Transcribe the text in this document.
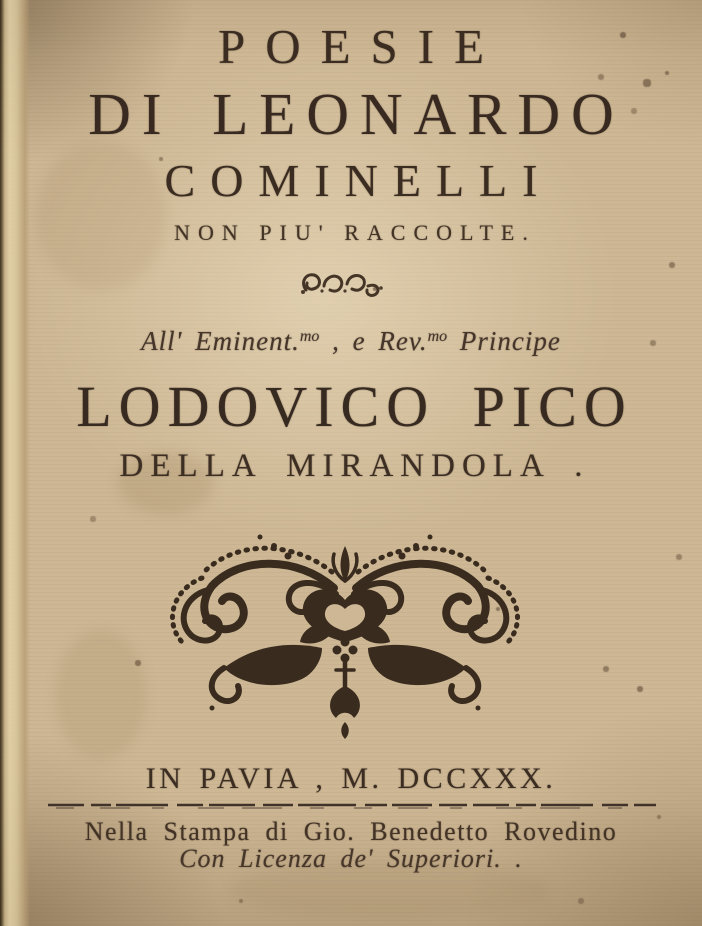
POESIE
DI LEONARDO
COMINELLI
NON PIU' RACCOLTE.
All' Eminent.$^{mo}$ , e Rev.$^{mo}$ Principe
LODOVICO PICO
DELLA MIRANDOLA .
IN PAVIA , M. DCCXXX.
Nella Stampa di Gio. Benedetto Rovedino
Con Licenza de' Superiori. .
